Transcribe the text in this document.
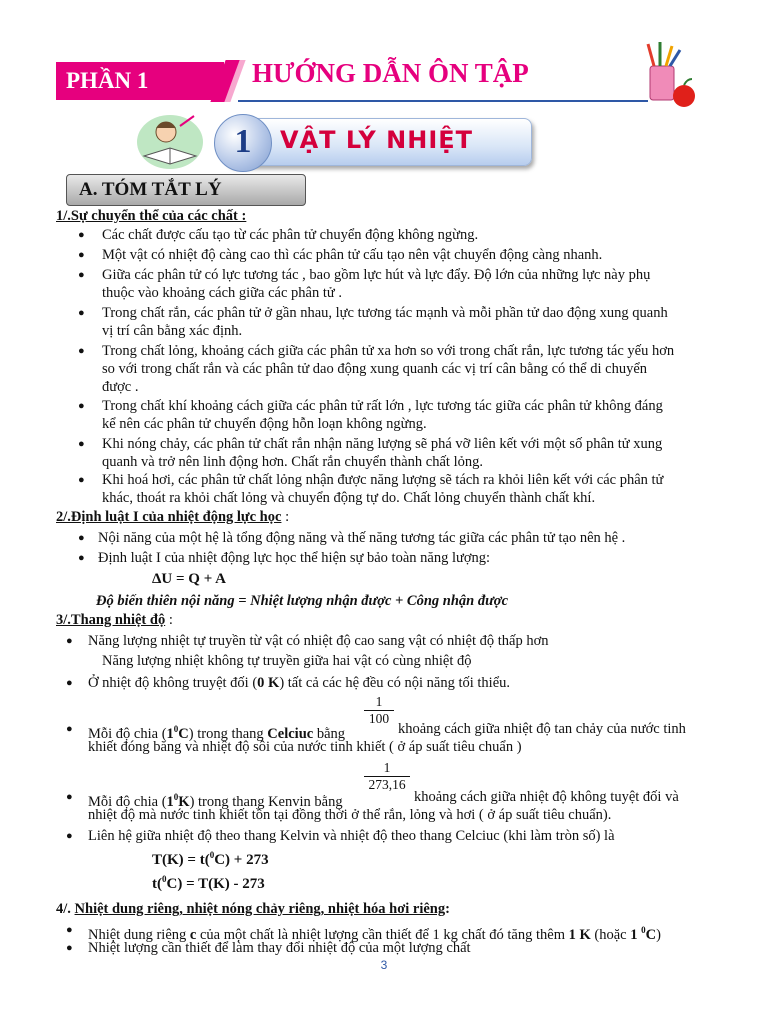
PHẦN 1	HƯỚNG DẪN ÔN TẬP
1	VẬT LÝ NHIỆT
A. TÓM TẮT LÝ
1/.Sự chuyển thể của các chất :
● Các chất được cấu tạo từ các phân tử chuyển động không ngừng.
● Một vật có nhiệt độ càng cao thì các phân tử cấu tạo nên vật chuyển động càng nhanh.
● Giữa các phân tử có lực tương tác , bao gồm lực hút và lực đẩy. Độ lớn của những lực này phụ
thuộc vào khoảng cách giữa các phân tử .
● Trong chất rắn, các phân tử ở gần nhau, lực tương tác mạnh và mỗi phần tử dao động xung quanh
vị trí cân bằng xác định.
● Trong chất lỏng, khoảng cách giữa các phân tử xa hơn so với trong chất rắn, lực tương tác yếu hơn
so với trong chất rắn và các phân tử dao động xung quanh các vị trí cân bằng có thể di chuyển
được .
● Trong chất khí khoảng cách giữa các phân tử rất lớn , lực tương tác giữa các phân tử không đáng
kể nên các phân tử chuyển động hỗn loạn không ngừng.
● Khi nóng chảy, các phân tử chất rắn nhận năng lượng sẽ phá vỡ liên kết với một số phân tử xung
quanh và trở nên linh động hơn. Chất rắn chuyển thành chất lỏng.
● Khi hoá hơi, các phân tử chất lỏng nhận được năng lượng sẽ tách ra khỏi liên kết với các phân tử
khác, thoát ra khỏi chất lỏng và chuyển động tự do. Chất lỏng chuyển thành chất khí.
2/.Định luật I của nhiệt động lực học :
● Nội năng của một hệ là tổng động năng và thế năng tương tác giữa các phân tử tạo nên hệ .
● Định luật I của nhiệt động lực học thể hiện sự bảo toàn năng lượng:
ΔU = Q + A
Độ biến thiên nội năng = Nhiệt lượng nhận được + Công nhận được
3/.Thang nhiệt độ :
● Năng lượng nhiệt tự truyền từ vật có nhiệt độ cao sang vật có nhiệt độ thấp hơn
Năng lượng nhiệt không tự truyền giữa hai vật có cùng nhiệt độ
● Ở nhiệt độ không truyệt đối (0 K) tất cả các hệ đều có nội năng tối thiểu.
$\frac{1}{100}$
● Mỗi độ chia $(1^0C)$ trong thang Celciuc bằng	khoảng cách giữa nhiệt độ tan chảy của nước tinh
khiết đóng băng và nhiệt độ sôi của nước tinh khiết ( ở áp suất tiêu chuẩn )
$\frac{1}{273,16}$
● Mỗi độ chia $(1^0K)$ trong thang Kenvin bằng	khoảng cách giữa nhiệt độ không tuyệt đối và
nhiệt độ mà nước tinh khiết tồn tại đồng thời ở thể rắn, lỏng và hơi ( ở áp suất tiêu chuẩn).
● Liên hệ giữa nhiệt độ theo thang Kelvin và nhiệt độ theo thang Celciuc (khi làm tròn số) là
T(K) = t($^0$C) + 273
t($^0$C) = T(K) - 273
4/. Nhiệt dung riêng, nhiệt nóng chảy riêng, nhiệt hóa hơi riêng:
● Nhiệt dung riêng c của một chất là nhiệt lượng cần thiết để 1 kg chất đó tăng thêm 1 K (hoặc 1 $^0$C)
● Nhiệt lượng cần thiết để làm thay đổi nhiệt độ của một lượng chất
3
